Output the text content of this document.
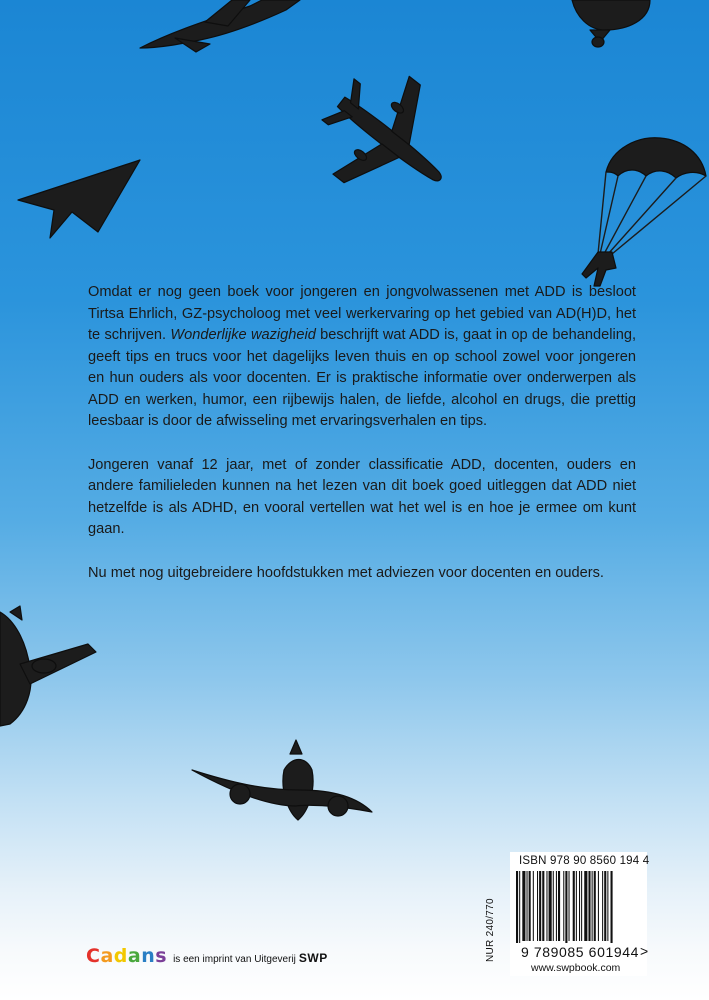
Omdat er nog geen boek voor jongeren en jongvolwassenen met ADD is besloot Tirtsa Ehrlich, GZ-psycholoog met veel werkervaring op het gebied van AD(H)D, het te schrijven. Wonderlijke wazigheid beschrijft wat ADD is, gaat in op de behandeling, geeft tips en trucs voor het dagelijks leven thuis en op school zowel voor jongeren en hun ouders als voor docenten. Er is praktische informatie over onderwerpen als ADD en werken, humor, een rijbewijs halen, de liefde, alcohol en drugs, die prettig leesbaar is door de afwisseling met ervaringsverhalen en tips.

Jongeren vanaf 12 jaar, met of zonder classificatie ADD, docenten, ouders en andere familieleden kunnen na het lezen van dit boek goed uitleggen dat ADD niet hetzelfde is als ADHD, en vooral vertellen wat het wel is en hoe je ermee om kunt gaan.

Nu met nog uitgebreidere hoofdstukken met adviezen voor docenten en ouders.

ISBN 978 90 8560 194 4
9 789085 601944 >
www.swpbook.com
NUR 240/770
Cadans is een imprint van Uitgeverij SWP
